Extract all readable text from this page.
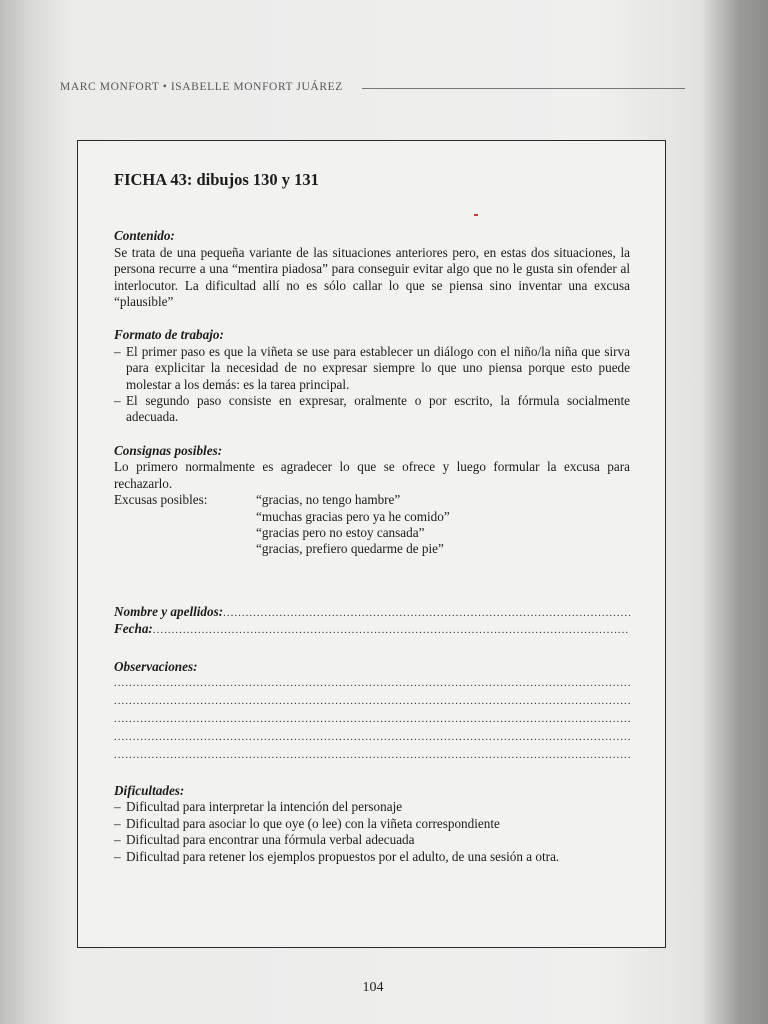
MARC MONFORT • ISABELLE MONFORT JUÁREZ
FICHA 43: dibujos 130 y 131
Contenido:

Se trata de una pequeña variante de las situaciones anteriores pero, en estas dos situaciones, la persona recurre a una “mentira piadosa” para conseguir evitar algo que no le gusta sin ofender al interlocutor. La dificultad allí no es sólo callar lo que se piensa sino inventar una excusa “plausible”

Formato de trabajo:
– El primer paso es que la viñeta se use para establecer un diálogo con el niño/la niña que sirva para explicitar la necesidad de no expresar siempre lo que uno piensa porque esto puede molestar a los demás: es la tarea principal.
– El segundo paso consiste en expresar, oralmente o por escrito, la fórmula socialmente adecuada.
Consignas posibles:

Lo primero normalmente es agradecer lo que se ofrece y luego formular la excusa para rechazarlo.

Excusas posibles:	“gracias, no tengo hambre”
“muchas gracias pero ya he comido”
“gracias pero no estoy cansada”
“gracias, prefiero quedarme de pie”
Nombre y apellidos:
.....
Fecha:
.....
Observaciones:
.....
.....
.....
.....
.....
Dificultades:
– Dificultad para interpretar la intención del personaje
– Dificultad para asociar lo que oye (o lee) con la viñeta correspondiente
– Dificultad para encontrar una fórmula verbal adecuada
– Dificultad para retener los ejemplos propuestos por el adulto, de una sesión a otra.
104
